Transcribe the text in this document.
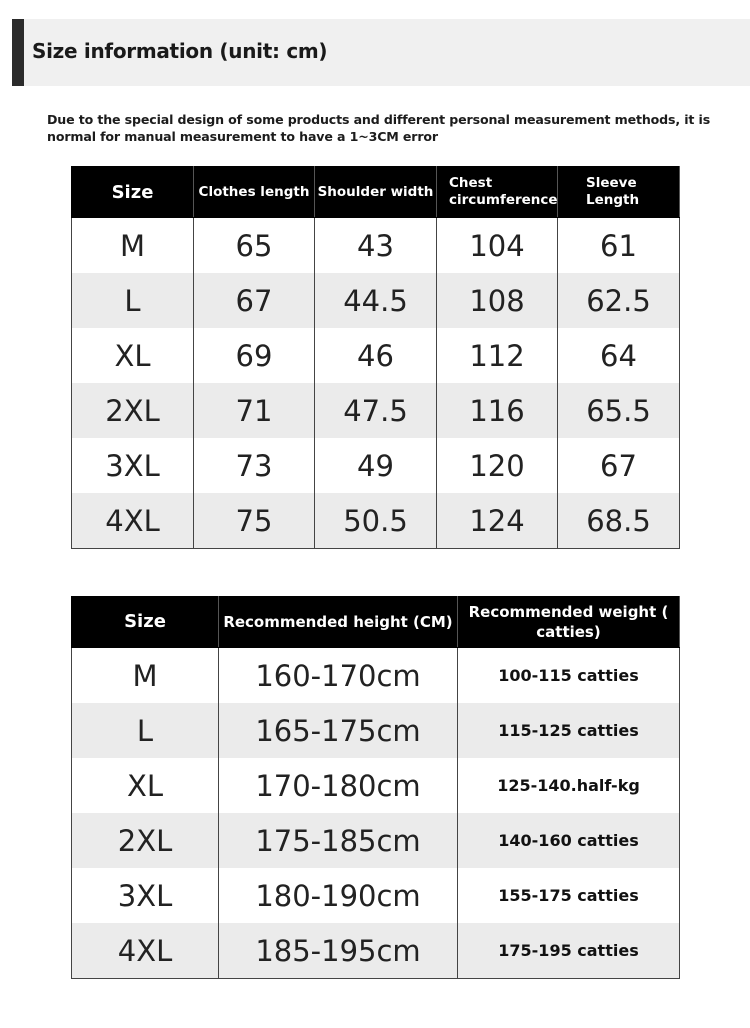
Size information (unit: cm)
Due to the special design of some products and different personal measurement methods, it is normal for manual measurement to have a 1~3CM error
Size	Clothes length	Shoulder width	Chest circumference	Sleeve Length
M	65	43	104	61
L	67	44.5	108	62.5
XL	69	46	112	64
2XL	71	47.5	116	65.5
3XL	73	49	120	67
4XL	75	50.5	124	68.5
Size	Recommended height (CM)	Recommended weight ( catties)
M	160-170cm	100-115 catties
L	165-175cm	115-125 catties
XL	170-180cm	125-140.half-kg
2XL	175-185cm	140-160 catties
3XL	180-190cm	155-175 catties
4XL	185-195cm	175-195 catties
